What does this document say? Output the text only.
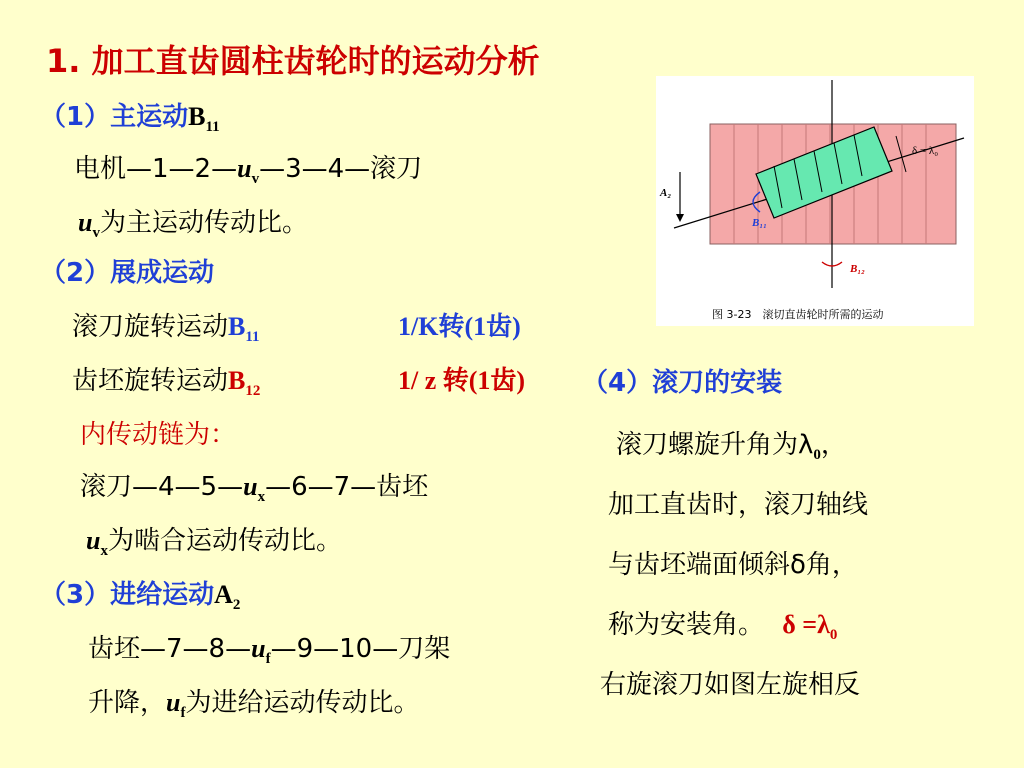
1. 加工直齿圆柱齿轮时的运动分析
（1）主运动$B_{11}$
电机$—1—2—u_v—3—4—$滚刀
$u_v$为主运动传动比。
（2）展成运动
滚刀旋转运动$B_{11}$	1/K转(1齿)
齿坯旋转运动$B_{12}$	1/ z 转(1齿)
内传动链为：
滚刀$—4—5—u_x—6—7—$齿坯
$u_x$为啮合运动传动比。
（3）进给运动$A_2$
齿坯$—7—8—u_f—9—10—$刀架
升降，$u_f$为进给运动传动比。
（4）滚刀的安装
滚刀螺旋升角为$\lambda_0$，
加工直齿时，滚刀轴线
与齿坯端面倾斜δ角，
称为安装角。 $\delta =\lambda_0$
右旋滚刀如图左旋相反
δ = λ₀
A₂
B₁₁
B₁₂
图 3-23　滚切直齿轮时所需的运动
